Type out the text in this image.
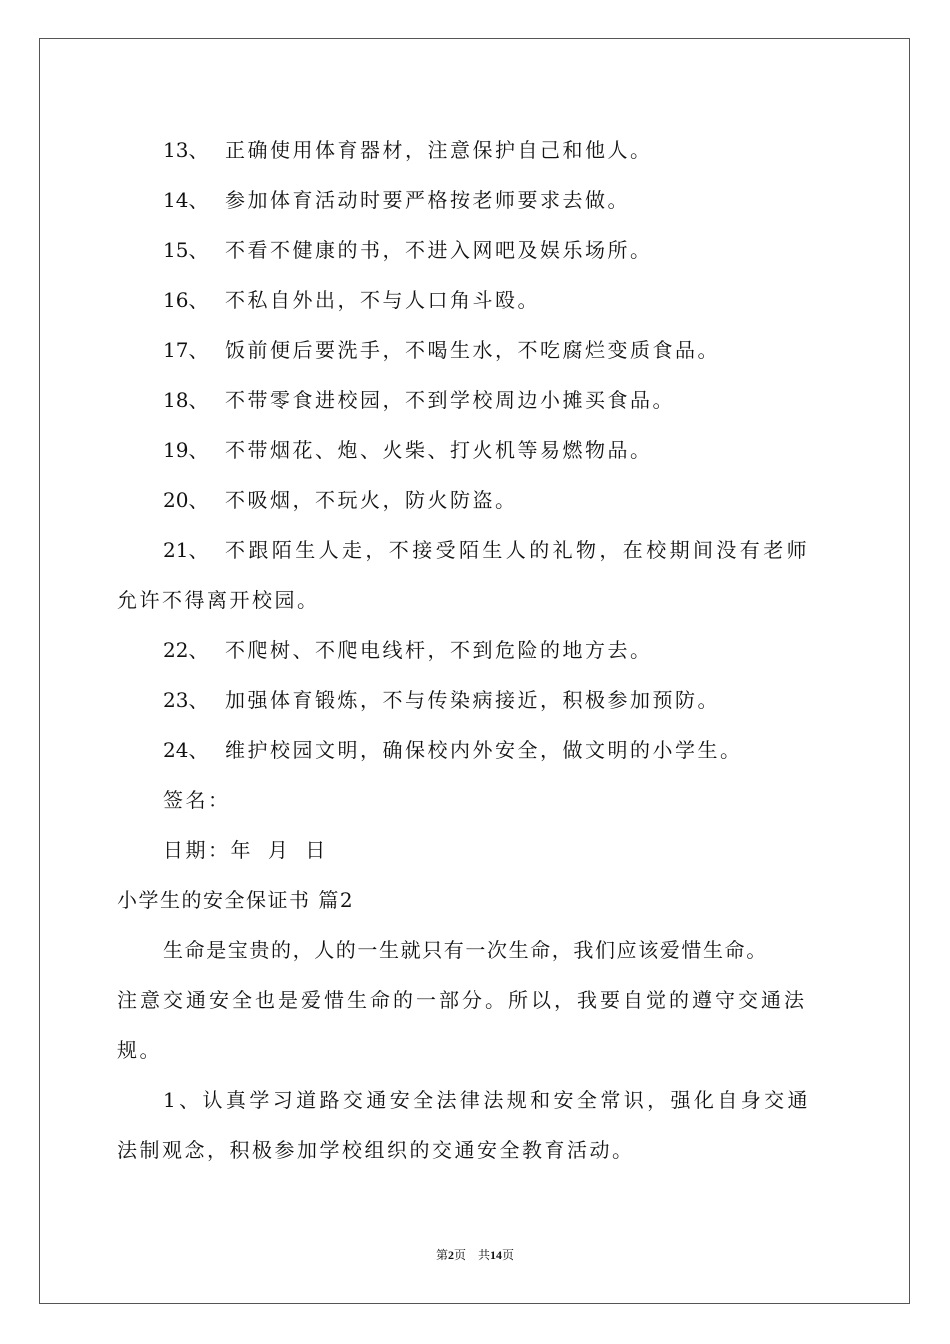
13、 正确使用体育器材，注意保护自己和他人。
14、 参加体育活动时要严格按老师要求去做。
15、 不看不健康的书，不进入网吧及娱乐场所。
16、 不私自外出，不与人口角斗殴。
17、 饭前便后要洗手，不喝生水，不吃腐烂变质食品。
18、 不带零食进校园，不到学校周边小摊买食品。
19、 不带烟花、炮、火柴、打火机等易燃物品。
20、 不吸烟，不玩火，防火防盗。
21、 不跟陌生人走，不接受陌生人的礼物，在校期间没有老师
允许不得离开校园。
22、 不爬树、不爬电线杆，不到危险的地方去。
23、 加强体育锻炼，不与传染病接近，积极参加预防。
24、 维护校园文明，确保校内外安全，做文明的小学生。
签名：
日期：年 月 日
小学生的安全保证书 篇2
生命是宝贵的，人的一生就只有一次生命，我们应该爱惜生命。
注意交通安全也是爱惜生命的一部分。所以，我要自觉的遵守交通法
规。
1、认真学习道路交通安全法律法规和安全常识，强化自身交通
法制观念，积极参加学校组织的交通安全教育活动。
第2页　共14页
